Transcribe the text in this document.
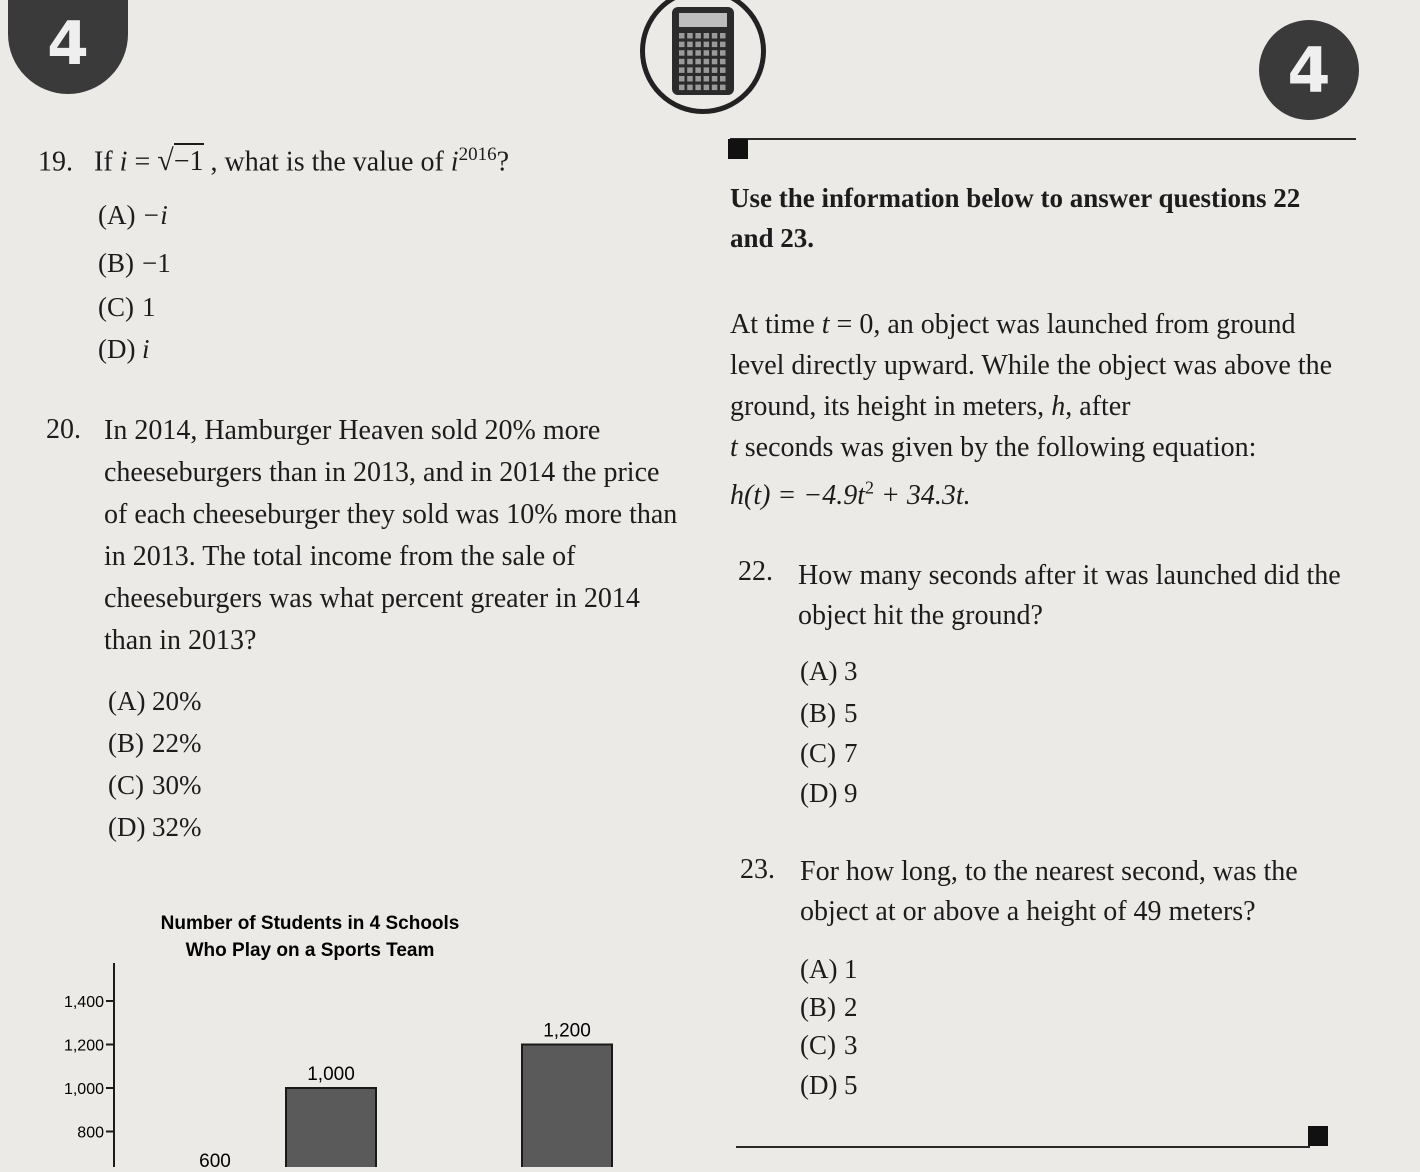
4	4
19. If i = √−1 , what is the value of $i^{2016}$?
(A) −i
(B) −1
(C) 1
(D) i
20. In 2014, Hamburger Heaven sold 20% more cheeseburgers than in 2013, and in 2014 the price of each cheeseburger they sold was 10% more than in 2013. The total income from the sale of cheeseburgers was what percent greater in 2014 than in 2013?
(A) 20%
(B) 22%
(C) 30%
(D) 32%
Number of Students in 4 Schools
Who Play on a Sports Team
800
1,000
1,200
1,400
600
1,000
1,200
Use the information below to answer questions 22 and 23.
At time t = 0, an object was launched from ground level directly upward. While the object was above the ground, its height in meters, h, after
t seconds was given by the following equation:
$h(t) = -4.9t^2 + 34.3t$.
22. How many seconds after it was launched did the object hit the ground?
(A) 3
(B) 5
(C) 7
(D) 9
23. For how long, to the nearest second, was the object at or above a height of 49 meters?
(A) 1
(B) 2
(C) 3
(D) 5
